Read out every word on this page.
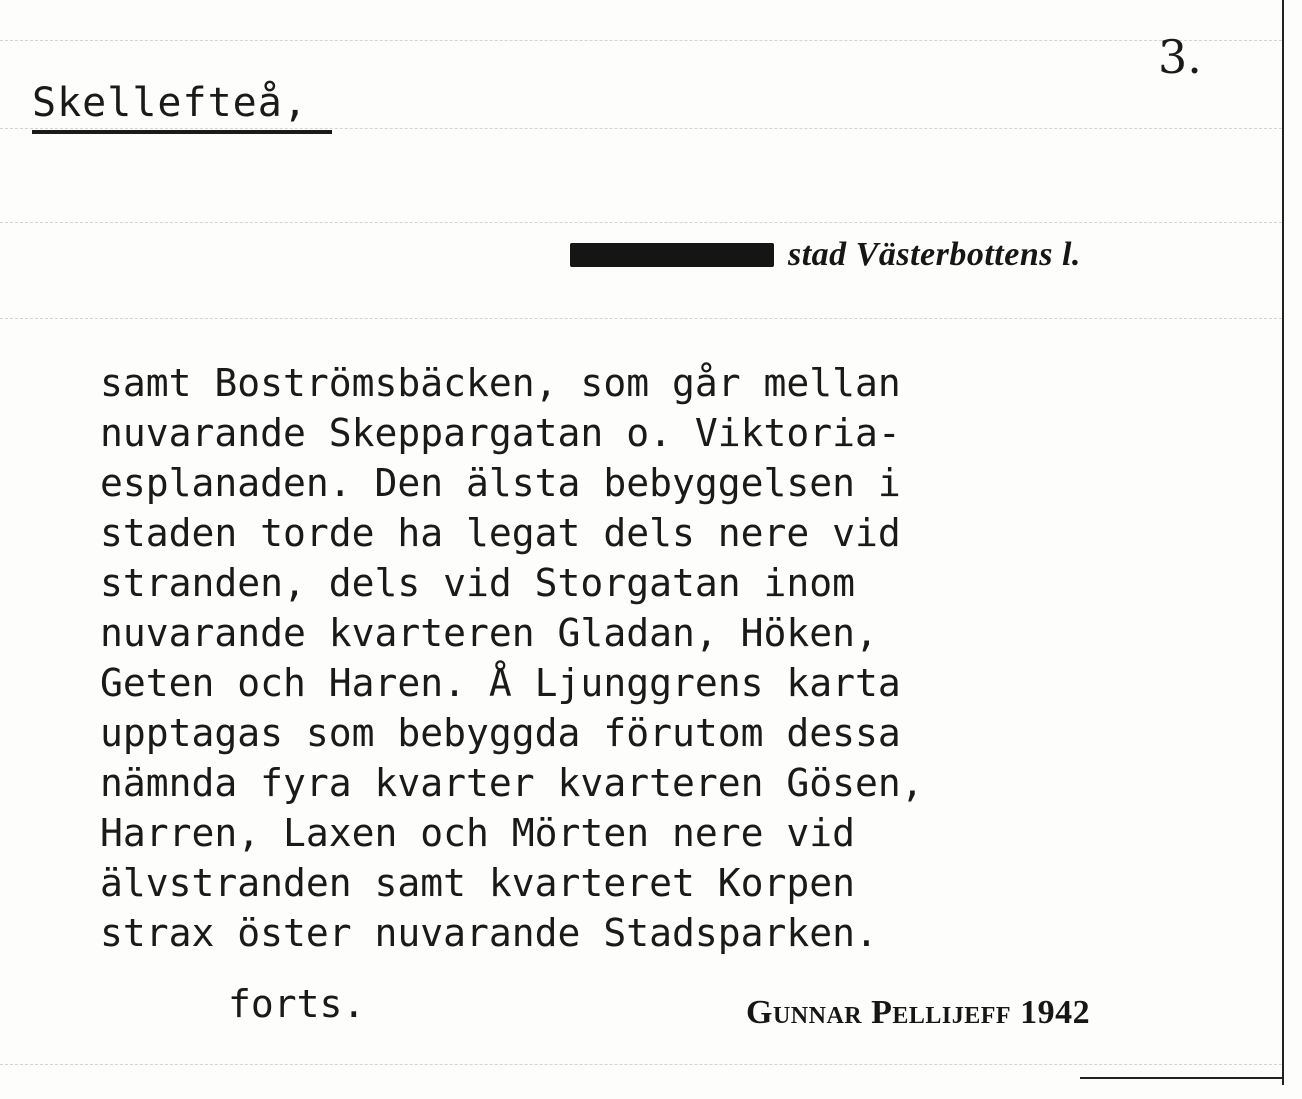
3.
Skellefteå,
stad Västerbottens l.
samt Boströmsbäcken, som går mellan
nuvarande Skeppargatan o. Viktoria-
esplanaden. Den älsta bebyggelsen i
staden torde ha legat dels nere vid
stranden, dels vid Storgatan inom
nuvarande kvarteren Gladan, Höken,
Geten och Haren. Å Ljunggrens karta
upptagas som bebyggda förutom dessa
nämnda fyra kvarter kvarteren Gösen,
Harren, Laxen och Mörten nere vid
älvstranden samt kvarteret Korpen
strax öster nuvarande Stadsparken.
forts.	Gunnar Pellijeff 1942
